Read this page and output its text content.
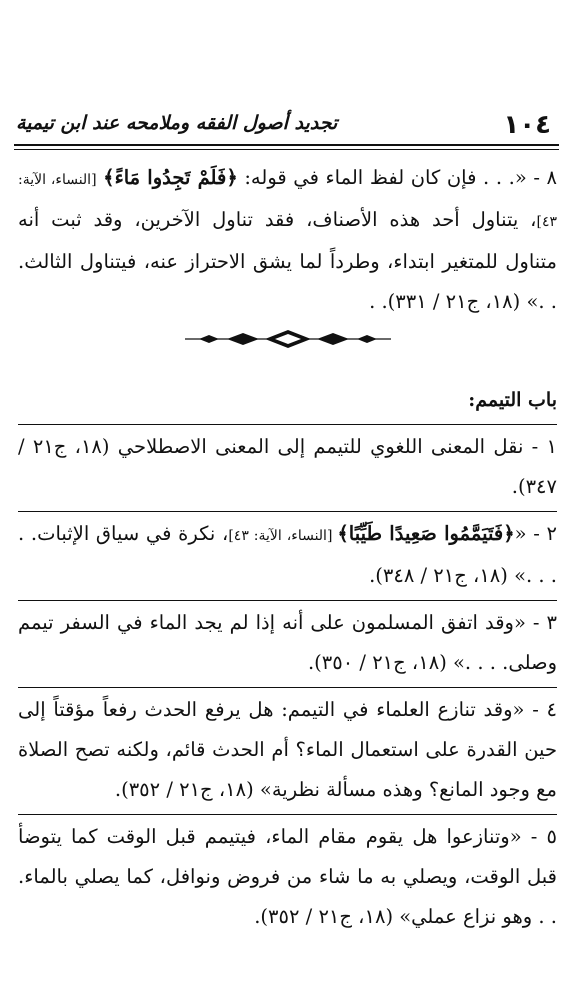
١٠٤
تجديد أصول الفقه وملامحه عند ابن تيمية

٨ - «. . . فإن كان لفظ الماء في قوله: ﴿فَلَمْ تَجِدُوا مَاءً﴾ [النساء، الآية: ٤٣]، يتناول أحد هذه الأصناف، فقد تناول الآخرين، وقد ثبت أنه متناول للمتغير ابتداء، وطرداً لما يشق الاحتراز عنه، فيتناول الثالث. . .» (١٨، ج٢١ / ٣٣١). .

باب التيمم:

١ - نقل المعنى اللغوي للتيمم إلى المعنى الاصطلاحي (١٨، ج٢١ / ٣٤٧).

٢ - «﴿فَتَيَمَّمُوا صَعِيدًا طَيِّبًا﴾ [النساء، الآية: ٤٣]، نكرة في سياق الإثبات. . . . .» (١٨، ج٢١ / ٣٤٨).

٣ - «وقد اتفق المسلمون على أنه إذا لم يجد الماء في السفر تيمم وصلى. . . .» (١٨، ج٢١ / ٣٥٠).

٤ - «وقد تنازع العلماء في التيمم: هل يرفع الحدث رفعاً مؤقتاً إلى حين القدرة على استعمال الماء؟ أم الحدث قائم، ولكنه تصح الصلاة مع وجود المانع؟ وهذه مسألة نظرية» (١٨، ج٢١ / ٣٥٢).

٥ - «وتنازعوا هل يقوم مقام الماء، فيتيمم قبل الوقت كما يتوضأ قبل الوقت، ويصلي به ما شاء من فروض ونوافل، كما يصلي بالماء. . . وهو نزاع عملي» (١٨، ج٢١ / ٣٥٢).
